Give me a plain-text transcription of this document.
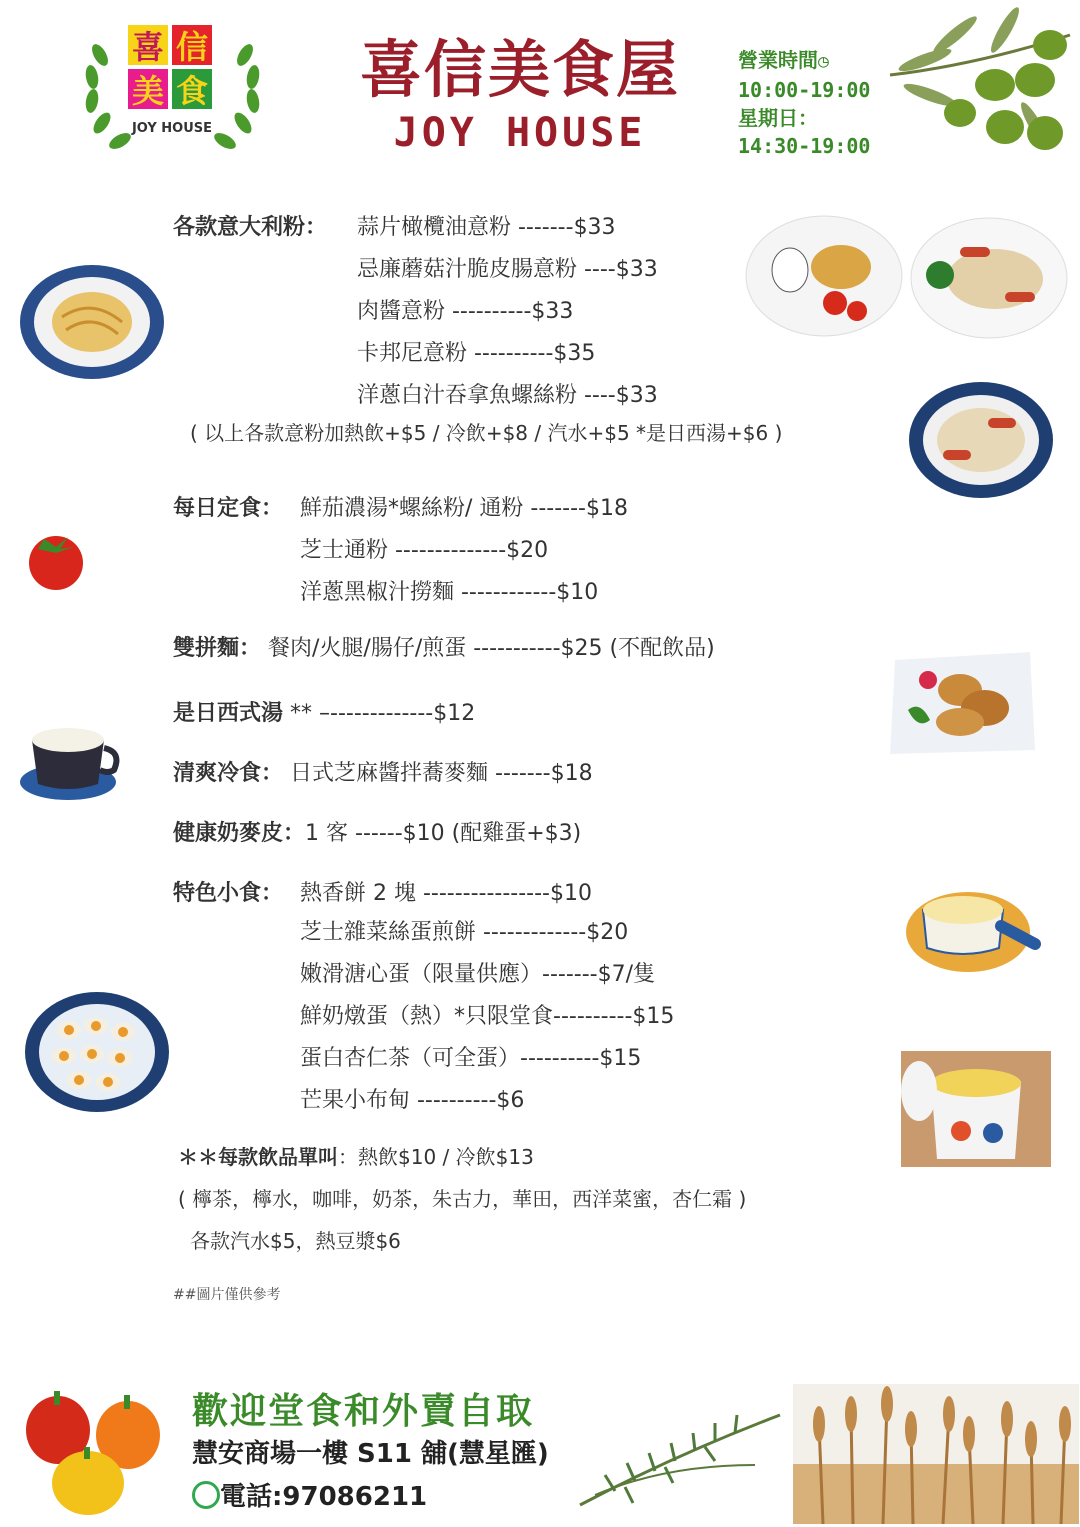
喜 信
美 食
JOY HOUSE
喜信美食屋
JOY HOUSE
營業時間◷
10:00-19:00
星期日：
14:30-19:00
各款意大利粉： 蒜片橄欖油意粉 -------$33
忌廉蘑菇汁脆皮腸意粉 ----$33
肉醬意粉 ----------$33
卡邦尼意粉 ----------$35
洋蔥白汁吞拿魚螺絲粉 ----$33
( 以上各款意粉加熱飲+$5 / 冷飲+$8 / 汽水+$5 *是日西湯+$6 )
每日定食： 鮮茄濃湯*螺絲粉/ 通粉 -------$18
芝士通粉 --------------$20
洋蔥黑椒汁撈麵 ------------$10
雙拼麵： 餐肉/火腿/腸仔/煎蛋 -----------$25 (不配飲品)
是日西式湯 ** –-------------$12
清爽冷食： 日式芝麻醬拌蕎麥麵 -------$18
健康奶麥皮：1 客 ------$10 (配雞蛋+$3)
特色小食： 熱香餅 2 塊 ----------------$10
芝士雜菜絲蛋煎餅 -------------$20
嫩滑溏心蛋（限量供應）-------$7/隻
鮮奶燉蛋（熱）*只限堂食----------$15
蛋白杏仁茶（可全蛋）----------$15
芒果小布甸 ----------$6
＊＊每款飲品單叫：熱飲$10 / 冷飲$13
( 檸茶，檸水，咖啡，奶茶，朱古力，華田，西洋菜蜜，杏仁霜 )
各款汽水$5，熱豆漿$6
##圖片僅供參考
歡迎堂食和外賣自取
慧安商場一樓 S11 舖(慧星匯)
電話:97086211
